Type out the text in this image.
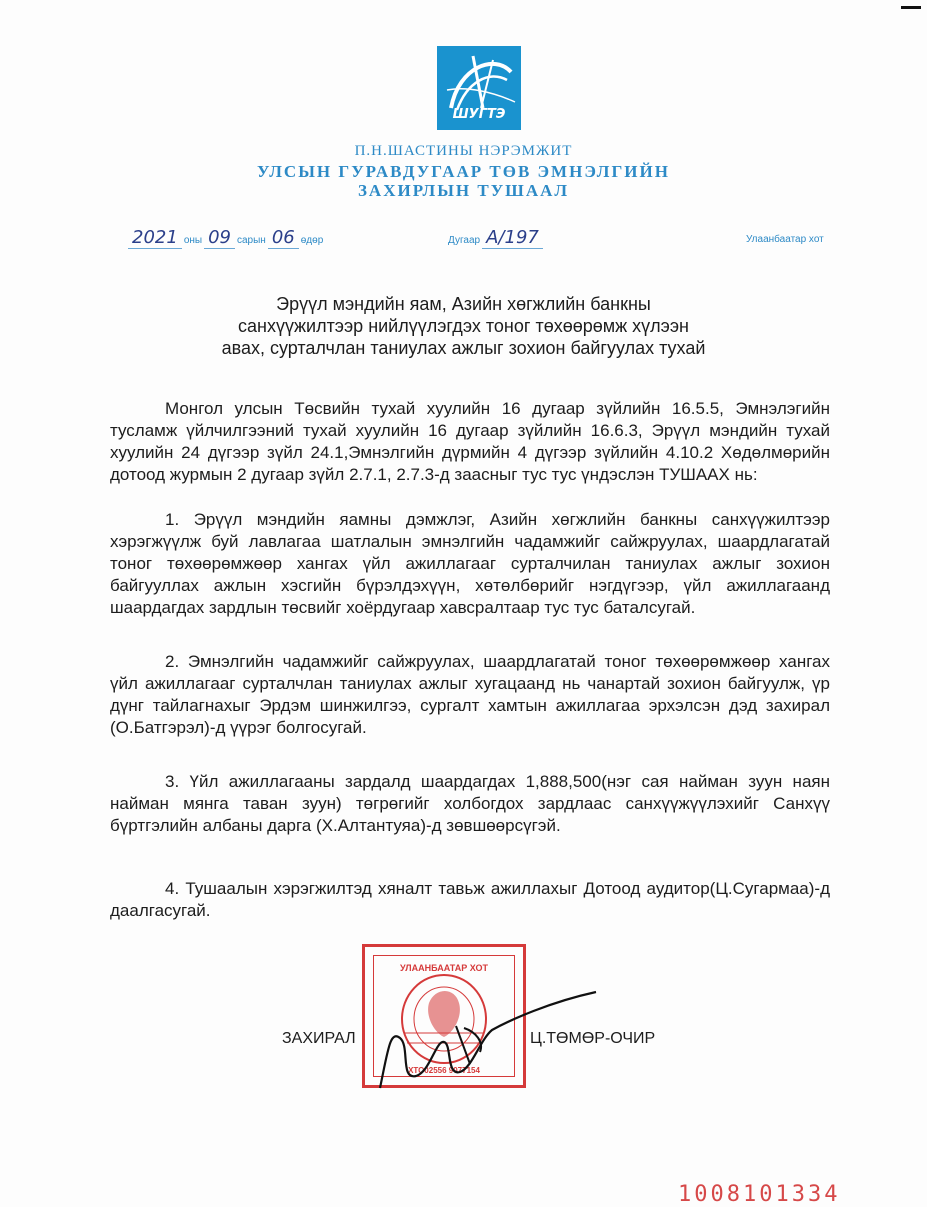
ШУГТЭ
П.Н.ШАСТИНЫ НЭРЭМЖИТ
УЛСЫН ГУРАВДУГААР ТӨВ ЭМНЭЛГИЙН
ЗАХИРЛЫН ТУШААЛ
2021 оны 09 сарын 06 өдөр	Дугаар А/197	Улаанбаатар хот
Эрүүл мэндийн яам, Азийн хөгжлийн банкны
санхүүжилтээр нийлүүлэгдэх тоног төхөөрөмж хүлээн
авах, сурталчлан таниулах ажлыг зохион байгуулах тухай
Монгол улсын Төсвийн тухай хуулийн 16 дугаар зүйлийн 16.5.5, Эмнэлэгийн тусламж үйлчилгээний тухай хуулийн 16 дугаар зүйлийн 16.6.3, Эрүүл мэндийн тухай хуулийн 24 дүгээр зүйл 24.1,Эмнэлгийн дүрмийн 4 дүгээр зүйлийн 4.10.2 Хөдөлмөрийн дотоод журмын 2 дугаар зүйл 2.7.1, 2.7.3-д заасныг тус тус үндэслэн ТУШААХ нь:
1. Эрүүл мэндийн яамны дэмжлэг, Азийн хөгжлийн банкны санхүүжилтээр хэрэгжүүлж буй лавлагаа шатлалын эмнэлгийн чадамжийг сайжруулах, шаардлагатай тоног төхөөрөмжөөр хангах үйл ажиллагааг сурталчилан таниулах ажлыг зохион байгууллах ажлын хэсгийн бүрэлдэхүүн, хөтөлбөрийг нэгдүгээр, үйл ажиллагаанд шаардагдах зардлын төсвийг хоёрдугаар хавсралтаар тус тус баталсугай.
2. Эмнэлгийн чадамжийг сайжруулах, шаардлагатай тоног төхөөрөмжөөр хангах үйл ажиллагааг сурталчлан таниулах ажлыг хугацаанд нь чанартай зохион байгуулж, үр дүнг тайлагнахыг Эрдэм шинжилгээ, сургалт хамтын ажиллагаа эрхэлсэн дэд захирал (О.Батгэрэл)-д үүрэг болгосугай.
3. Үйл ажиллагааны зардалд шаардагдах 1,888,500(нэг сая найман зуун наян найман мянга таван зуун) төгрөгийг холбогдох зардлаас санхүүжүүлэхийг Санхүү бүртгэлийн албаны дарга (Х.Алтантуяа)-д зөвшөөрсүгэй.
4. Тушаалын хэрэгжилтэд хяналт тавьж ажиллахыг Дотоод аудитор(Ц.Сугармаа)-д даалгасугай.
УЛААНБААТАР ХОТ
ХТО02556 9077154
ЗАХИРАЛ	Ц.ТӨМӨР-ОЧИР
1008101334
